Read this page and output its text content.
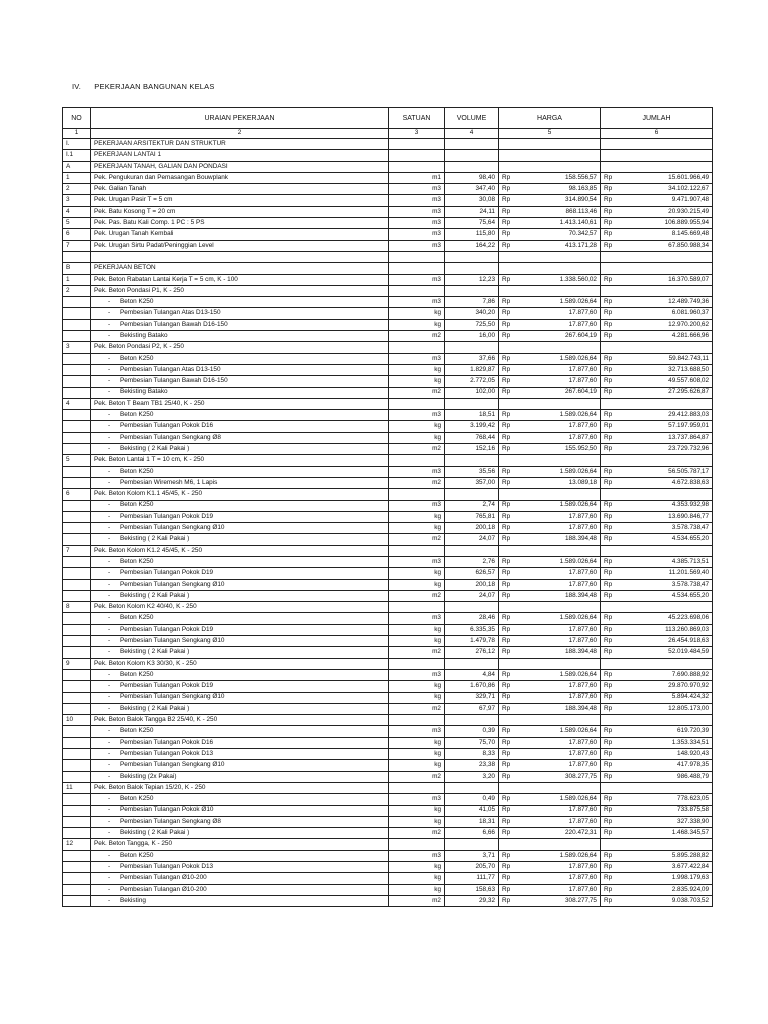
IV. PEKERJAAN BANGUNAN KELAS
NO	URAIAN PEKERJAAN	SATUAN	VOLUME	HARGA		JUMLAH	
1	2	3	4	5		6	
I.	PEKERJAAN ARSITEKTUR DAN STRUKTUR						
I.1	PEKERJAAN LANTAI 1						
A	PEKERJAAN TANAH, GALIAN DAN PONDASI						
1	Pek. Pengukuran dan Pemasangan Bouwplank	m1	98,40	Rp	158.556,57	Rp	15.601.966,49
2	Pek. Galian Tanah	m3	347,40	Rp	98.163,85	Rp	34.102.122,67
3	Pek. Urugan Pasir T = 5 cm	m3	30,08	Rp	314.890,54	Rp	9.471.907,48
4	Pek. Batu Kosong T = 20 cm	m3	24,11	Rp	868.113,46	Rp	20.930.215,49
5	Pek. Pas. Batu Kali Comp. 1 PC : 5 PS	m3	75,64	Rp	1.413.140,61	Rp	106.889.955,94
6	Pek. Urugan Tanah Kembali	m3	115,80	Rp	70.342,57	Rp	8.145.669,48
7	Pek. Urugan Sirtu Padat/Peninggian Level	m3	164,22	Rp	413.171,28	Rp	67.850.988,34

B	PEKERJAAN BETON						
1	Pek. Beton Rabatan Lantai Kerja T = 5 cm, K - 100	m3	12,23	Rp	1.338.560,02	Rp	16.370.589,07
2	Pek. Beton Pondasi P1, K - 250						
	- Beton K250	m3	7,86	Rp	1.589.026,64	Rp	12.489.749,36
	- Pembesian Tulangan Atas D13-150	kg	340,20	Rp	17.877,60	Rp	6.081.960,37
	- Pembesian Tulangan Bawah D16-150	kg	725,50	Rp	17.877,60	Rp	12.970.200,62
	- Bekisting Batako	m2	16,00	Rp	267.604,19	Rp	4.281.666,96
3	Pek. Beton Pondasi P2, K - 250						
	- Beton K250	m3	37,66	Rp	1.589.026,64	Rp	59.842.743,11
	- Pembesian Tulangan Atas D13-150	kg	1.829,87	Rp	17.877,60	Rp	32.713.688,50
	- Pembesian Tulangan Bawah D16-150	kg	2.772,05	Rp	17.877,60	Rp	49.557.608,02
	- Bekisting Batako	m2	102,00	Rp	267.604,19	Rp	27.295.626,87
4	Pek. Beton T Beam TB1 25/40, K - 250						
	- Beton K250	m3	18,51	Rp	1.589.026,64	Rp	29.412.883,03
	- Pembesian Tulangan Pokok D16	kg	3.199,42	Rp	17.877,60	Rp	57.197.959,01
	- Pembesian Tulangan Sengkang Ø8	kg	768,44	Rp	17.877,60	Rp	13.737.864,87
	- Bekisting ( 2 Kali Pakai )	m2	152,16	Rp	155.952,50	Rp	23.729.732,96
5	Pek. Beton Lantai 1 T = 10 cm, K - 250						
	- Beton K250	m3	35,56	Rp	1.589.026,64	Rp	56.505.787,17
	- Pembesian Wiremesh M6, 1 Lapis	m2	357,00	Rp	13.089,18	Rp	4.672.838,63
6	Pek. Beton Kolom K1.1 45/45, K - 250						
	- Beton K250	m3	2,74	Rp	1.589.026,64	Rp	4.353.932,98
	- Pembesian Tulangan Pokok D19	kg	765,81	Rp	17.877,60	Rp	13.690.846,77
	- Pembesian Tulangan Sengkang Ø10	kg	200,18	Rp	17.877,60	Rp	3.578.738,47
	- Bekisting ( 2 Kali Pakai )	m2	24,07	Rp	188.394,48	Rp	4.534.655,20
7	Pek. Beton Kolom K1.2 45/45, K - 250						
	- Beton K250	m3	2,76	Rp	1.589.026,64	Rp	4.385.713,51
	- Pembesian Tulangan Pokok D19	kg	626,57	Rp	17.877,60	Rp	11.201.569,40
	- Pembesian Tulangan Sengkang Ø10	kg	200,18	Rp	17.877,60	Rp	3.578.738,47
	- Bekisting ( 2 Kali Pakai )	m2	24,07	Rp	188.394,48	Rp	4.534.655,20
8	Pek. Beton Kolom K2 40/40, K - 250						
	- Beton K250	m3	28,46	Rp	1.589.026,64	Rp	45.223.698,06
	- Pembesian Tulangan Pokok D19	kg	6.335,35	Rp	17.877,60	Rp	113.260.869,03
	- Pembesian Tulangan Sengkang Ø10	kg	1.479,78	Rp	17.877,60	Rp	26.454.918,63
	- Bekisting ( 2 Kali Pakai )	m2	276,12	Rp	188.394,48	Rp	52.019.484,59
9	Pek. Beton Kolom K3 30/30, K - 250						
	- Beton K250	m3	4,84	Rp	1.589.026,64	Rp	7.690.888,92
	- Pembesian Tulangan Pokok D19	kg	1.670,86	Rp	17.877,60	Rp	29.870.970,92
	- Pembesian Tulangan Sengkang Ø10	kg	329,71	Rp	17.877,60	Rp	5.894.424,32
	- Bekisting ( 2 Kali Pakai )	m2	67,97	Rp	188.394,48	Rp	12.805.173,00
10	Pek. Beton Balok Tangga B2 25/40, K - 250						
	- Beton K250	m3	0,39	Rp	1.589.026,64	Rp	619.720,39
	- Pembesian Tulangan Pokok D16	kg	75,70	Rp	17.877,60	Rp	1.353.334,51
	- Pembesian Tulangan Pokok D13	kg	8,33	Rp	17.877,60	Rp	148.920,43
	- Pembesian Tulangan Sengkang Ø10	kg	23,38	Rp	17.877,60	Rp	417.978,35
	- Bekisting (2x Pakai)	m2	3,20	Rp	308.277,75	Rp	986.488,79
11	Pek. Beton Balok Tepian 15/20, K - 250						
	- Beton K250	m3	0,49	Rp	1.589.026,64	Rp	778.623,05
	- Pembesian Tulangan Pokok Ø10	kg	41,05	Rp	17.877,60	Rp	733.875,58
	- Pembesian Tulangan Sengkang Ø8	kg	18,31	Rp	17.877,60	Rp	327.338,90
	- Bekisting ( 2 Kali Pakai )	m2	6,66	Rp	220.472,31	Rp	1.468.345,57
12	Pek. Beton Tangga, K - 250						
	- Beton K250	m3	3,71	Rp	1.589.026,64	Rp	5.895.288,82
	- Pembesian Tulangan Pokok D13	kg	205,70	Rp	17.877,60	Rp	3.677.422,84
	- Pembesian Tulangan Ø10-200	kg	111,77	Rp	17.877,60	Rp	1.998.179,63
	- Pembesian Tulangan Ø10-200	kg	158,63	Rp	17.877,60	Rp	2.835.924,09
	- Bekisting	m2	29,32	Rp	308.277,75	Rp	9.038.703,52
